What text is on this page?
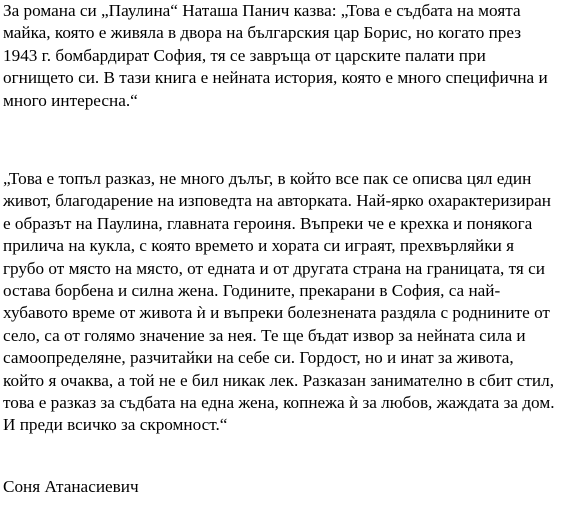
За романа си „Паулина“ Наташа Панич казва: „Това е съдбата на моята
майка, която е живяла в двора на българския цар Борис, но когато през
1943 г. бомбардират София, тя се завръща от царските палати при
огнището си. В тази книга е нейната история, която е много специфична и
много интересна.“

„Това е топъл разказ, не много дълъг, в който все пак се описва цял един
живот, благодарение на изповедта на авторката. Най-ярко охарактеризиран
е образът на Паулина, главната героиня. Въпреки че е крехка и понякога
прилича на кукла, с която времето и хората си играят, прехвърляйки я
грубо от място на място, от едната и от другата страна на границата, тя си
остава борбена и силна жена. Годините, прекарани в София, са най-
хубавото време от живота ѝ и въпреки болезнената раздяла с роднините от
село, са от голямо значение за нея. Те ще бъдат извор за нейната сила и
самоопределяне, разчитайки на себе си. Гордост, но и инат за живота,
който я очаква, а той не е бил никак лек. Разказан занимателно в сбит стил,
това е разказ за съдбата на една жена, копнежа ѝ за любов, жаждата за дом.
И преди всичко за скромност.“

Соня Атанасиевич
